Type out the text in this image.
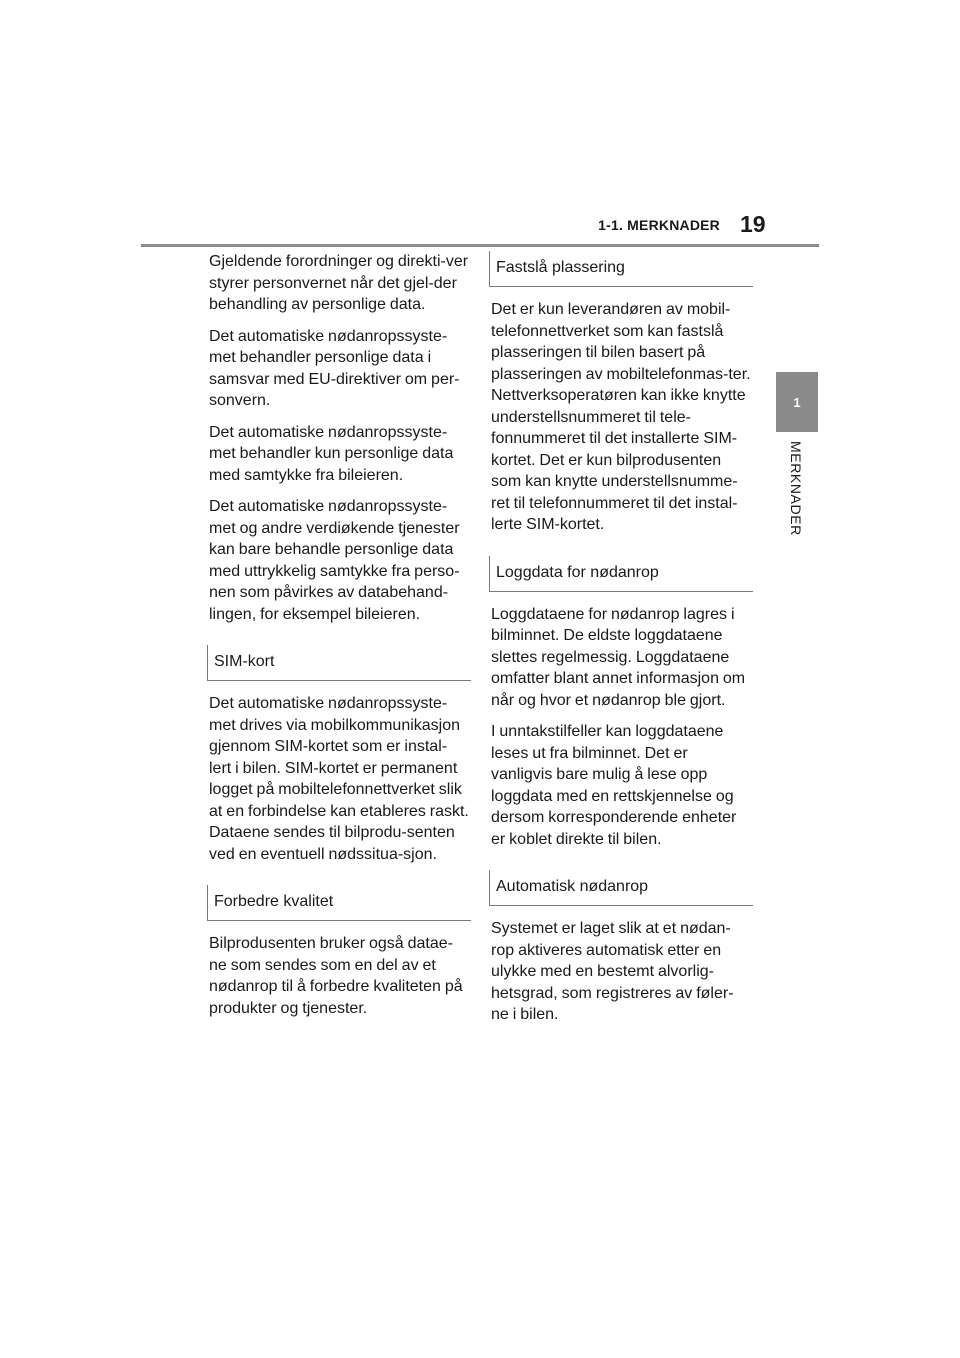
1-1. MERKNADER 19
1
MERKNADER

Gjeldende forordninger og direkti-ver styrer personvernet når det gjel-der behandling av personlige data.

Det automatiske nødanropssyste-met behandler personlige data i samsvar med EU-direktiver om per-sonvern.

Det automatiske nødanropssyste-met behandler kun personlige data med samtykke fra bileieren.

Det automatiske nødanropssyste-met og andre verdiøkende tjenester kan bare behandle personlige data med uttrykkelig samtykke fra perso-nen som påvirkes av databehand-lingen, for eksempel bileieren.

SIM-kort

Det automatiske nødanropssyste-met drives via mobilkommunikasjon gjennom SIM-kortet som er instal-lert i bilen. SIM-kortet er permanent logget på mobiltelefonnettverket slik at en forbindelse kan etableres raskt. Dataene sendes til bilprodu-senten ved en eventuell nødssitua-sjon.

Forbedre kvalitet

Bilprodusenten bruker også datae-ne som sendes som en del av et nødanrop til å forbedre kvaliteten på produkter og tjenester.

Fastslå plassering

Det er kun leverandøren av mobil-telefonnettverket som kan fastslå plasseringen til bilen basert på plasseringen av mobiltelefonmas-ter. Nettverksoperatøren kan ikke knytte understellsnummeret til tele-fonnummeret til det installerte SIM-kortet. Det er kun bilprodusenten som kan knytte understellsnumme-ret til telefonnummeret til det instal-lerte SIM-kortet.

Loggdata for nødanrop

Loggdataene for nødanrop lagres i bilminnet. De eldste loggdataene slettes regelmessig. Loggdataene omfatter blant annet informasjon om når og hvor et nødanrop ble gjort.

I unntakstilfeller kan loggdataene leses ut fra bilminnet. Det er vanligvis bare mulig å lese opp loggdata med en rettskjennelse og dersom korresponderende enheter er koblet direkte til bilen.

Automatisk nødanrop

Systemet er laget slik at et nødan-rop aktiveres automatisk etter en ulykke med en bestemt alvorlig-hetsgrad, som registreres av føler-ne i bilen.
